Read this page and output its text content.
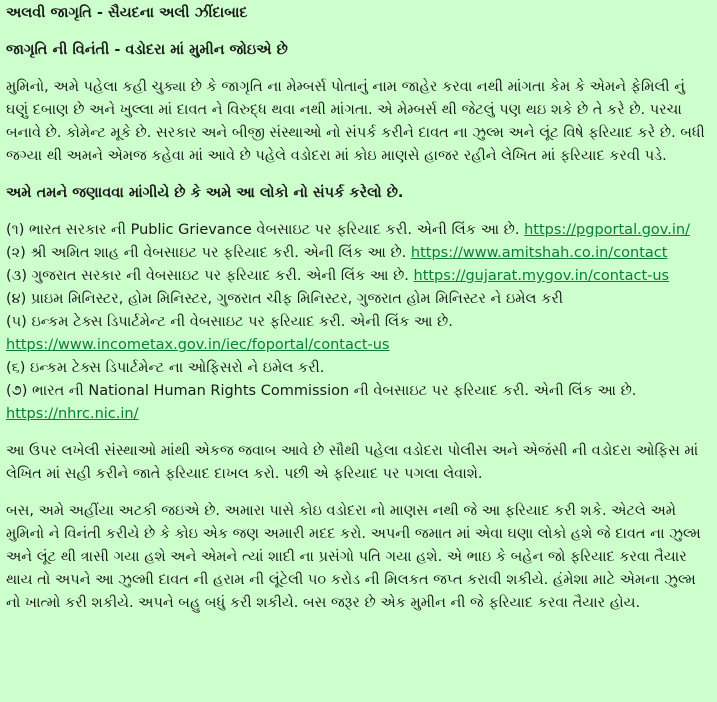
અલવી જાગૃતિ - સૈયદના અલી ઝીંદાબાદ
જાગૃતિ ની વિનંતી - વડોદરા માં મુમીન જોઇએ છે

મુમિનો, અમે પહેલા કહી ચુક્યા છે કે જાગૃતિ ના મેમ્બર્સ પોતાનું નામ જાહેર કરવા નથી માંગતા કેમ કે એમને ફેમિલી નું ઘણું દબાણ છે અને ખુલ્લા માં દાવત ને વિરુદ્ધ થવા નથી માંગતા. એ મેમ્બર્સ થી જેટલું પણ થઇ શકે છે તે કરે છે. પરચા બનાવે છે. કોમેન્ટ મૂકે છે. સરકાર અને બીજી સંસ્થાઓ નો સંપર્ક કરીને દાવત ના ઝુલ્મ અને લૂંટ વિષે ફરિયાદ કરે છે. બધી જગ્યા થી અમને એમજ કહેવા માં આવે છે પહેલે વડોદરા માં કોઇ માણસે હાજર રહીને લેખિત માં ફરિયાદ કરવી પડે.

અમે તમને જણાવવા માંગીયે છે કે અમે આ લોકો નો સંપર્ક કરેલો છે.
(૧) ભારત સરકાર ની Public Grievance વેબસાઇટ પર ફરિયાદ કરી. એની લિંક આ છે. https://pgportal.gov.in/
(૨) શ્રી અમિત શાહ ની વેબસાઇટ પર ફરિયાદ કરી. એની લિંક આ છે. https://www.amitshah.co.in/contact
(૩) ગુજરાત સરકાર ની વેબસાઇટ પર ફરિયાદ કરી. એની લિંક આ છે. https://gujarat.mygov.in/contact-us
(૪) પ્રાઇમ મિનિસ્ટર, હોમ મિનિસ્ટર, ગુજરાત ચીફ મિનિસ્ટર, ગુજરાત હોમ મિનિસ્ટર ને ઇમેલ કરી
(૫) ઇન્કમ ટેક્સ ડિપાર્ટમેન્ટ ની વેબસાઇટ પર ફરિયાદ કરી. એની લિંક આ છે. https://www.incometax.gov.in/iec/foportal/contact-us
(૬) ઇન્કમ ટેક્સ ડિપાર્ટમેન્ટ ના ઓફિસરો ને ઇમેલ કરી.
(૭) ભારત ની National Human Rights Commission ની વેબસાઇટ પર ફરિયાદ કરી. એની લિંક આ છે. https://nhrc.nic.in/

આ ઉપર લખેલી સંસ્થાઓ માંથી એકજ જવાબ આવે છે સૌથી પહેલા વડોદરા પોલીસ અને એજંસી ની વડોદરા ઓફિસ માં લેખિત માં સહી કરીને જાતે ફરિયાદ દાખલ કરો. પછી એ ફરિયાદ પર પગલા લેવાશે.

બસ, અમે અહીંયા અટકી જઇએ છે. અમારા પાસે કોઇ વડોદરા નો માણસ નથી જે આ ફરિયાદ કરી શકે. એટલે અમે મુમિનો ને વિનંતી કરીયે છે કે કોઇ એક જણ અમારી મદદ કરો. અપની જમાત માં એવા ઘણા લોકો હશે જે દાવત ના ઝુલ્મ અને લૂંટ થી ત્રાસી ગયા હશે અને એમને ત્યાં શાદી ના પ્રસંગો પતિ ગયા હશે. એ ભાઇ કે બહેન જો ફરિયાદ કરવા તૈયાર થાય તો અપને આ ઝુલ્મી દાવત ની હરામ ની લૂંટેલી ૫૦ કરોડ ની મિલકત જપ્ત કરાવી શકીયે. હંમેશા માટે એમના ઝુલ્મ નો ખાત્મો કરી શકીયે. અપને બહુ બધું કરી શકીયે. બસ જરૂર છે એક મુમીન ની જે ફરિયાદ કરવા તૈયાર હોય.
